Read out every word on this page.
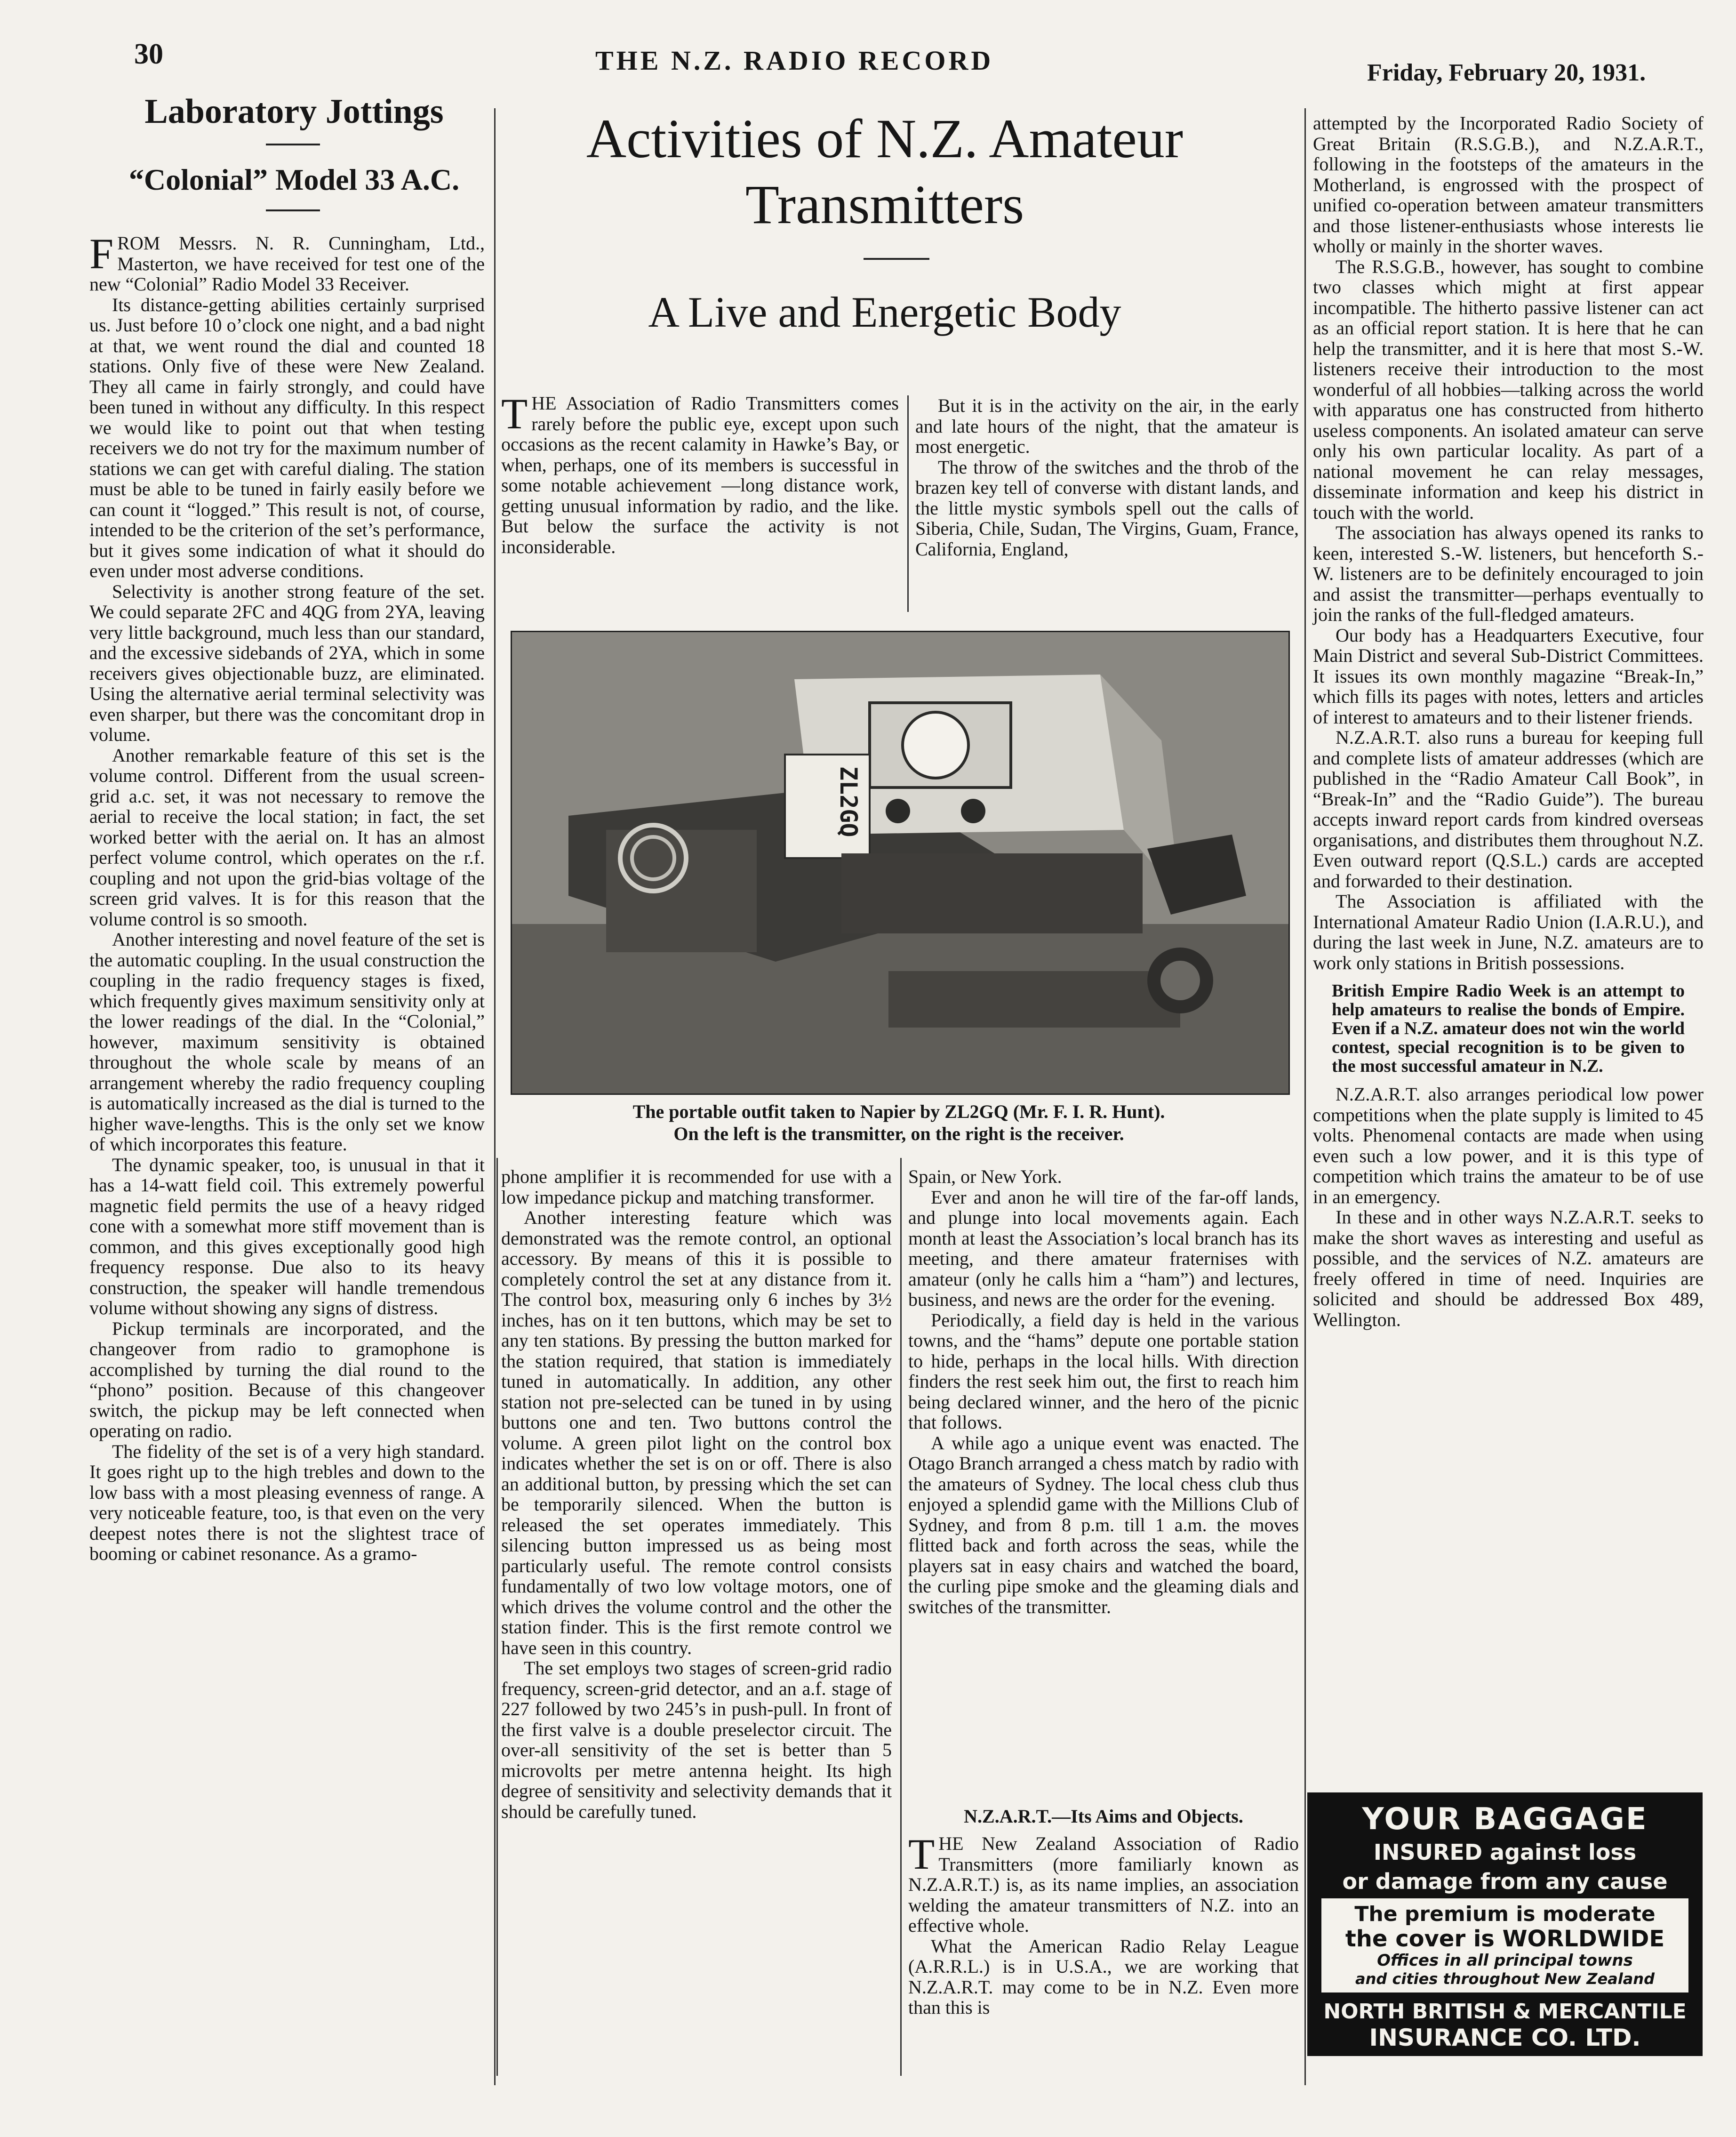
30	THE N.Z. RADIO RECORD	Friday, February 20, 1931.
Laboratory Jottings
“Colonial” Model 33 A.C.

FROM Messrs. N. R. Cunningham, Ltd., Masterton, we have received for test one of the new “Colonial” Radio Model 33 Receiver.

Its distance-getting abilities certainly surprised us. Just before 10 o’clock one night, and a bad night at that, we went round the dial and counted 18 stations. Only five of these were New Zealand. They all came in fairly strongly, and could have been tuned in without any difficulty. In this respect we would like to point out that when testing receivers we do not try for the maximum number of stations we can get with careful dialing. The station must be able to be tuned in fairly easily before we can count it “logged.” This result is not, of course, intended to be the criterion of the set’s performance, but it gives some indication of what it should do even under most adverse conditions.

Selectivity is another strong feature of the set. We could separate 2FC and 4QG from 2YA, leaving very little background, much less than our standard, and the excessive sidebands of 2YA, which in some receivers gives objectionable buzz, are eliminated. Using the alternative aerial terminal selectivity was even sharper, but there was the concomitant drop in volume.

Another remarkable feature of this set is the volume control. Different from the usual screen-grid a.c. set, it was not necessary to remove the aerial to receive the local station; in fact, the set worked better with the aerial on. It has an almost perfect volume control, which operates on the r.f. coupling and not upon the grid-bias voltage of the screen grid valves. It is for this reason that the volume control is so smooth.

Another interesting and novel feature of the set is the automatic coupling. In the usual construction the coupling in the radio frequency stages is fixed, which frequently gives maximum sensitivity only at the lower readings of the dial. In the “Colonial,” however, maximum sensitivity is obtained throughout the whole scale by means of an arrangement whereby the radio frequency coupling is automatically increased as the dial is turned to the higher wave-lengths. This is the only set we know of which incorporates this feature.

The dynamic speaker, too, is unusual in that it has a 14-watt field coil. This extremely powerful magnetic field permits the use of a heavy ridged cone with a somewhat more stiff movement than is common, and this gives exceptionally good high frequency response. Due also to its heavy construction, the speaker will handle tremendous volume without showing any signs of distress.

Pickup terminals are incorporated, and the changeover from radio to gramophone is accomplished by turning the dial round to the “phono” position. Because of this changeover switch, the pickup may be left connected when operating on radio.

The fidelity of the set is of a very high standard. It goes right up to the high trebles and down to the low bass with a most pleasing evenness of range. A very noticeable feature, too, is that even on the very deepest notes there is not the slightest trace of booming or cabinet resonance. As a gramo-

Activities of N.Z. Amateur Transmitters
A Live and Energetic Body

THE Association of Radio Transmitters comes rarely before the public eye, except upon such occasions as the recent calamity in Hawke’s Bay, or when, perhaps, one of its members is successful in some notable achievement —long distance work, getting unusual information by radio, and the like. But below the surface the activity is not inconsiderable.

But it is in the activity on the air, in the early and late hours of the night, that the amateur is most energetic.

The throw of the switches and the throb of the brazen key tell of converse with distant lands, and the little mystic symbols spell out the calls of Siberia, Chile, Sudan, The Virgins, Guam, France, California, England,

ZL2GQ
The portable outfit taken to Napier by ZL2GQ (Mr. F. I. R. Hunt).
On the left is the transmitter, on the right is the receiver.

phone amplifier it is recommended for use with a low impedance pickup and matching transformer.

Another interesting feature which was demonstrated was the remote control, an optional accessory. By means of this it is possible to completely control the set at any distance from it. The control box, measuring only 6 inches by 3½ inches, has on it ten buttons, which may be set to any ten stations. By pressing the button marked for the station required, that station is immediately tuned in automatically. In addition, any other station not pre-selected can be tuned in by using buttons one and ten. Two buttons control the volume. A green pilot light on the control box indicates whether the set is on or off. There is also an additional button, by pressing which the set can be temporarily silenced. When the button is released the set operates immediately. This silencing button impressed us as being most particularly useful. The remote control consists fundamentally of two low voltage motors, one of which drives the volume control and the other the station finder. This is the first remote control we have seen in this country.

The set employs two stages of screen-grid radio frequency, screen-grid detector, and an a.f. stage of 227 followed by two 245’s in push-pull. In front of the first valve is a double preselector circuit. The over-all sensitivity of the set is better than 5 microvolts per metre antenna height. Its high degree of sensitivity and selectivity demands that it should be carefully tuned.

Spain, or New York.

Ever and anon he will tire of the far-off lands, and plunge into local movements again. Each month at least the Association’s local branch has its meeting, and there amateur fraternises with amateur (only he calls him a “ham”) and lectures, business, and news are the order for the evening.

Periodically, a field day is held in the various towns, and the “hams” depute one portable station to hide, perhaps in the local hills. With direction finders the rest seek him out, the first to reach him being declared winner, and the hero of the picnic that follows.

A while ago a unique event was enacted. The Otago Branch arranged a chess match by radio with the amateurs of Sydney. The local chess club thus enjoyed a splendid game with the Millions Club of Sydney, and from 8 p.m. till 1 a.m. the moves flitted back and forth across the seas, while the players sat in easy chairs and watched the board, the curling pipe smoke and the gleaming dials and switches of the transmitter.

N.Z.A.R.T.—Its Aims and Objects.

THE New Zealand Association of Radio Transmitters (more familiarly known as N.Z.A.R.T.) is, as its name implies, an association welding the amateur transmitters of N.Z. into an effective whole.

What the American Radio Relay League (A.R.R.L.) is in U.S.A., we are working that N.Z.A.R.T. may come to be in N.Z. Even more than this is

attempted by the Incorporated Radio Society of Great Britain (R.S.G.B.), and N.Z.A.R.T., following in the footsteps of the amateurs in the Motherland, is engrossed with the prospect of unified co-operation between amateur transmitters and those listener-enthusiasts whose interests lie wholly or mainly in the shorter waves.

The R.S.G.B., however, has sought to combine two classes which might at first appear incompatible. The hitherto passive listener can act as an official report station. It is here that he can help the transmitter, and it is here that most S.-W. listeners receive their introduction to the most wonderful of all hobbies—talking across the world with apparatus one has constructed from hitherto useless components. An isolated amateur can serve only his own particular locality. As part of a national movement he can relay messages, disseminate information and keep his district in touch with the world.

The association has always opened its ranks to keen, interested S.-W. listeners, but henceforth S.-W. listeners are to be definitely encouraged to join and assist the transmitter—perhaps eventually to join the ranks of the full-fledged amateurs.

Our body has a Headquarters Executive, four Main District and several Sub-District Committees. It issues its own monthly magazine “Break-In,” which fills its pages with notes, letters and articles of interest to amateurs and to their listener friends.

N.Z.A.R.T. also runs a bureau for keeping full and complete lists of amateur addresses (which are published in the “Radio Amateur Call Book”, in “Break-In” and the “Radio Guide”). The bureau accepts inward report cards from kindred overseas organisations, and distributes them throughout N.Z. Even outward report (Q.S.L.) cards are accepted and forwarded to their destination.

The Association is affiliated with the International Amateur Radio Union (I.A.R.U.), and during the last week in June, N.Z. amateurs are to work only stations in British possessions.

British Empire Radio Week is an attempt to help amateurs to realise the bonds of Empire. Even if a N.Z. amateur does not win the world contest, special recognition is to be given to the most successful amateur in N.Z.

N.Z.A.R.T. also arranges periodical low power competitions when the plate supply is limited to 45 volts. Phenomenal contacts are made when using even such a low power, and it is this type of competition which trains the amateur to be of use in an emergency.

In these and in other ways N.Z.A.R.T. seeks to make the short waves as interesting and useful as possible, and the services of N.Z. amateurs are freely offered in time of need. Inquiries are solicited and should be addressed Box 489, Wellington.

YOUR BAGGAGE
INSURED against loss
or damage from any cause
The premium is moderate
the cover is WORLDWIDE
Offices in all principal towns
and cities throughout New Zealand
NORTH BRITISH & MERCANTILE
INSURANCE CO. LTD.
